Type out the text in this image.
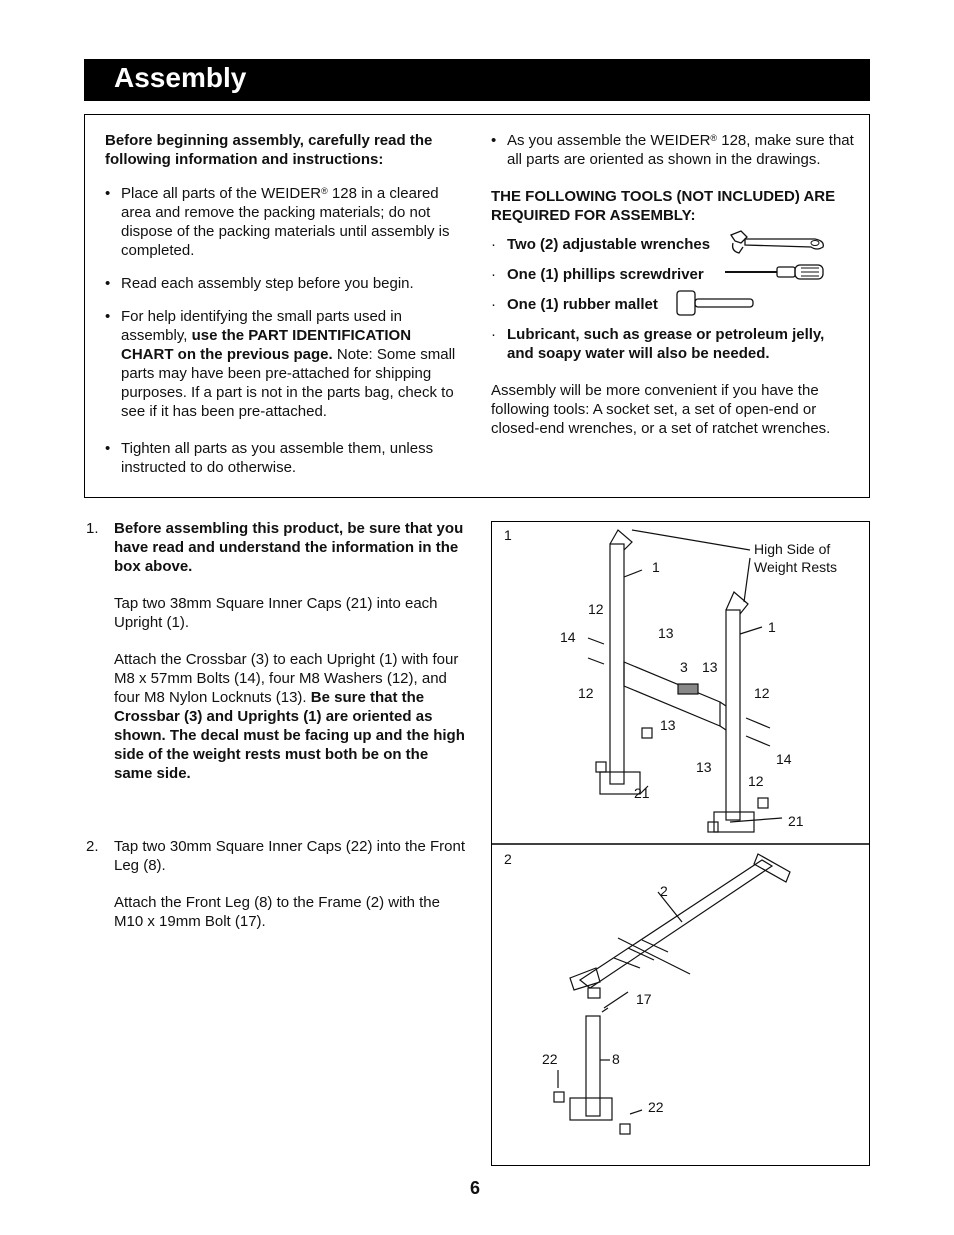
Assembly

Before beginning assembly, carefully read the following information and instructions:

• Place all parts of the WEIDER® 128 in a cleared area and remove the packing materials; do not dispose of the packing materials until assembly is completed.
• Read each assembly step before you begin.
• For help identifying the small parts used in assembly, use the PART IDENTIFICATION CHART on the previous page. Note: Some small parts may have been pre-attached for shipping purposes. If a part is not in the parts bag, check to see if it has been pre-attached.
• Tighten all parts as you assemble them, unless instructed to do otherwise.
• As you assemble the WEIDER® 128, make sure that all parts are oriented as shown in the drawings.

THE FOLLOWING TOOLS (NOT INCLUDED) ARE REQUIRED FOR ASSEMBLY:

· Two (2) adjustable wrenches
· One (1) phillips screwdriver
· One (1) rubber mallet
· Lubricant, such as grease or petroleum jelly, and soapy water will also be needed.

Assembly will be more convenient if you have the following tools: A socket set, a set of open-end or closed-end wrenches, or a set of ratchet wrenches.

1. Before assembling this product, be sure that you have read and understand the information in the box above.

Tap two 38mm Square Inner Caps (21) into each Upright (1).

Attach the Crossbar (3) to each Upright (1) with four M8 x 57mm Bolts (14), four M8 Washers (12), and four M8 Nylon Locknuts (13). Be sure that the Crossbar (3) and Uprights (1) are oriented as shown. The decal must be facing up and the high side of the weight rests must both be on the same side.

2. Tap two 30mm Square Inner Caps (22) into the Front Leg (8).

Attach the Front Leg (8) to the Frame (2) with the M10 x 19mm Bolt (17).

1
High Side of
Weight Rests
1
1
12
14	13
3 13
12	12
13
14
13
12
21
21
2
2
17
22	8
22
6
